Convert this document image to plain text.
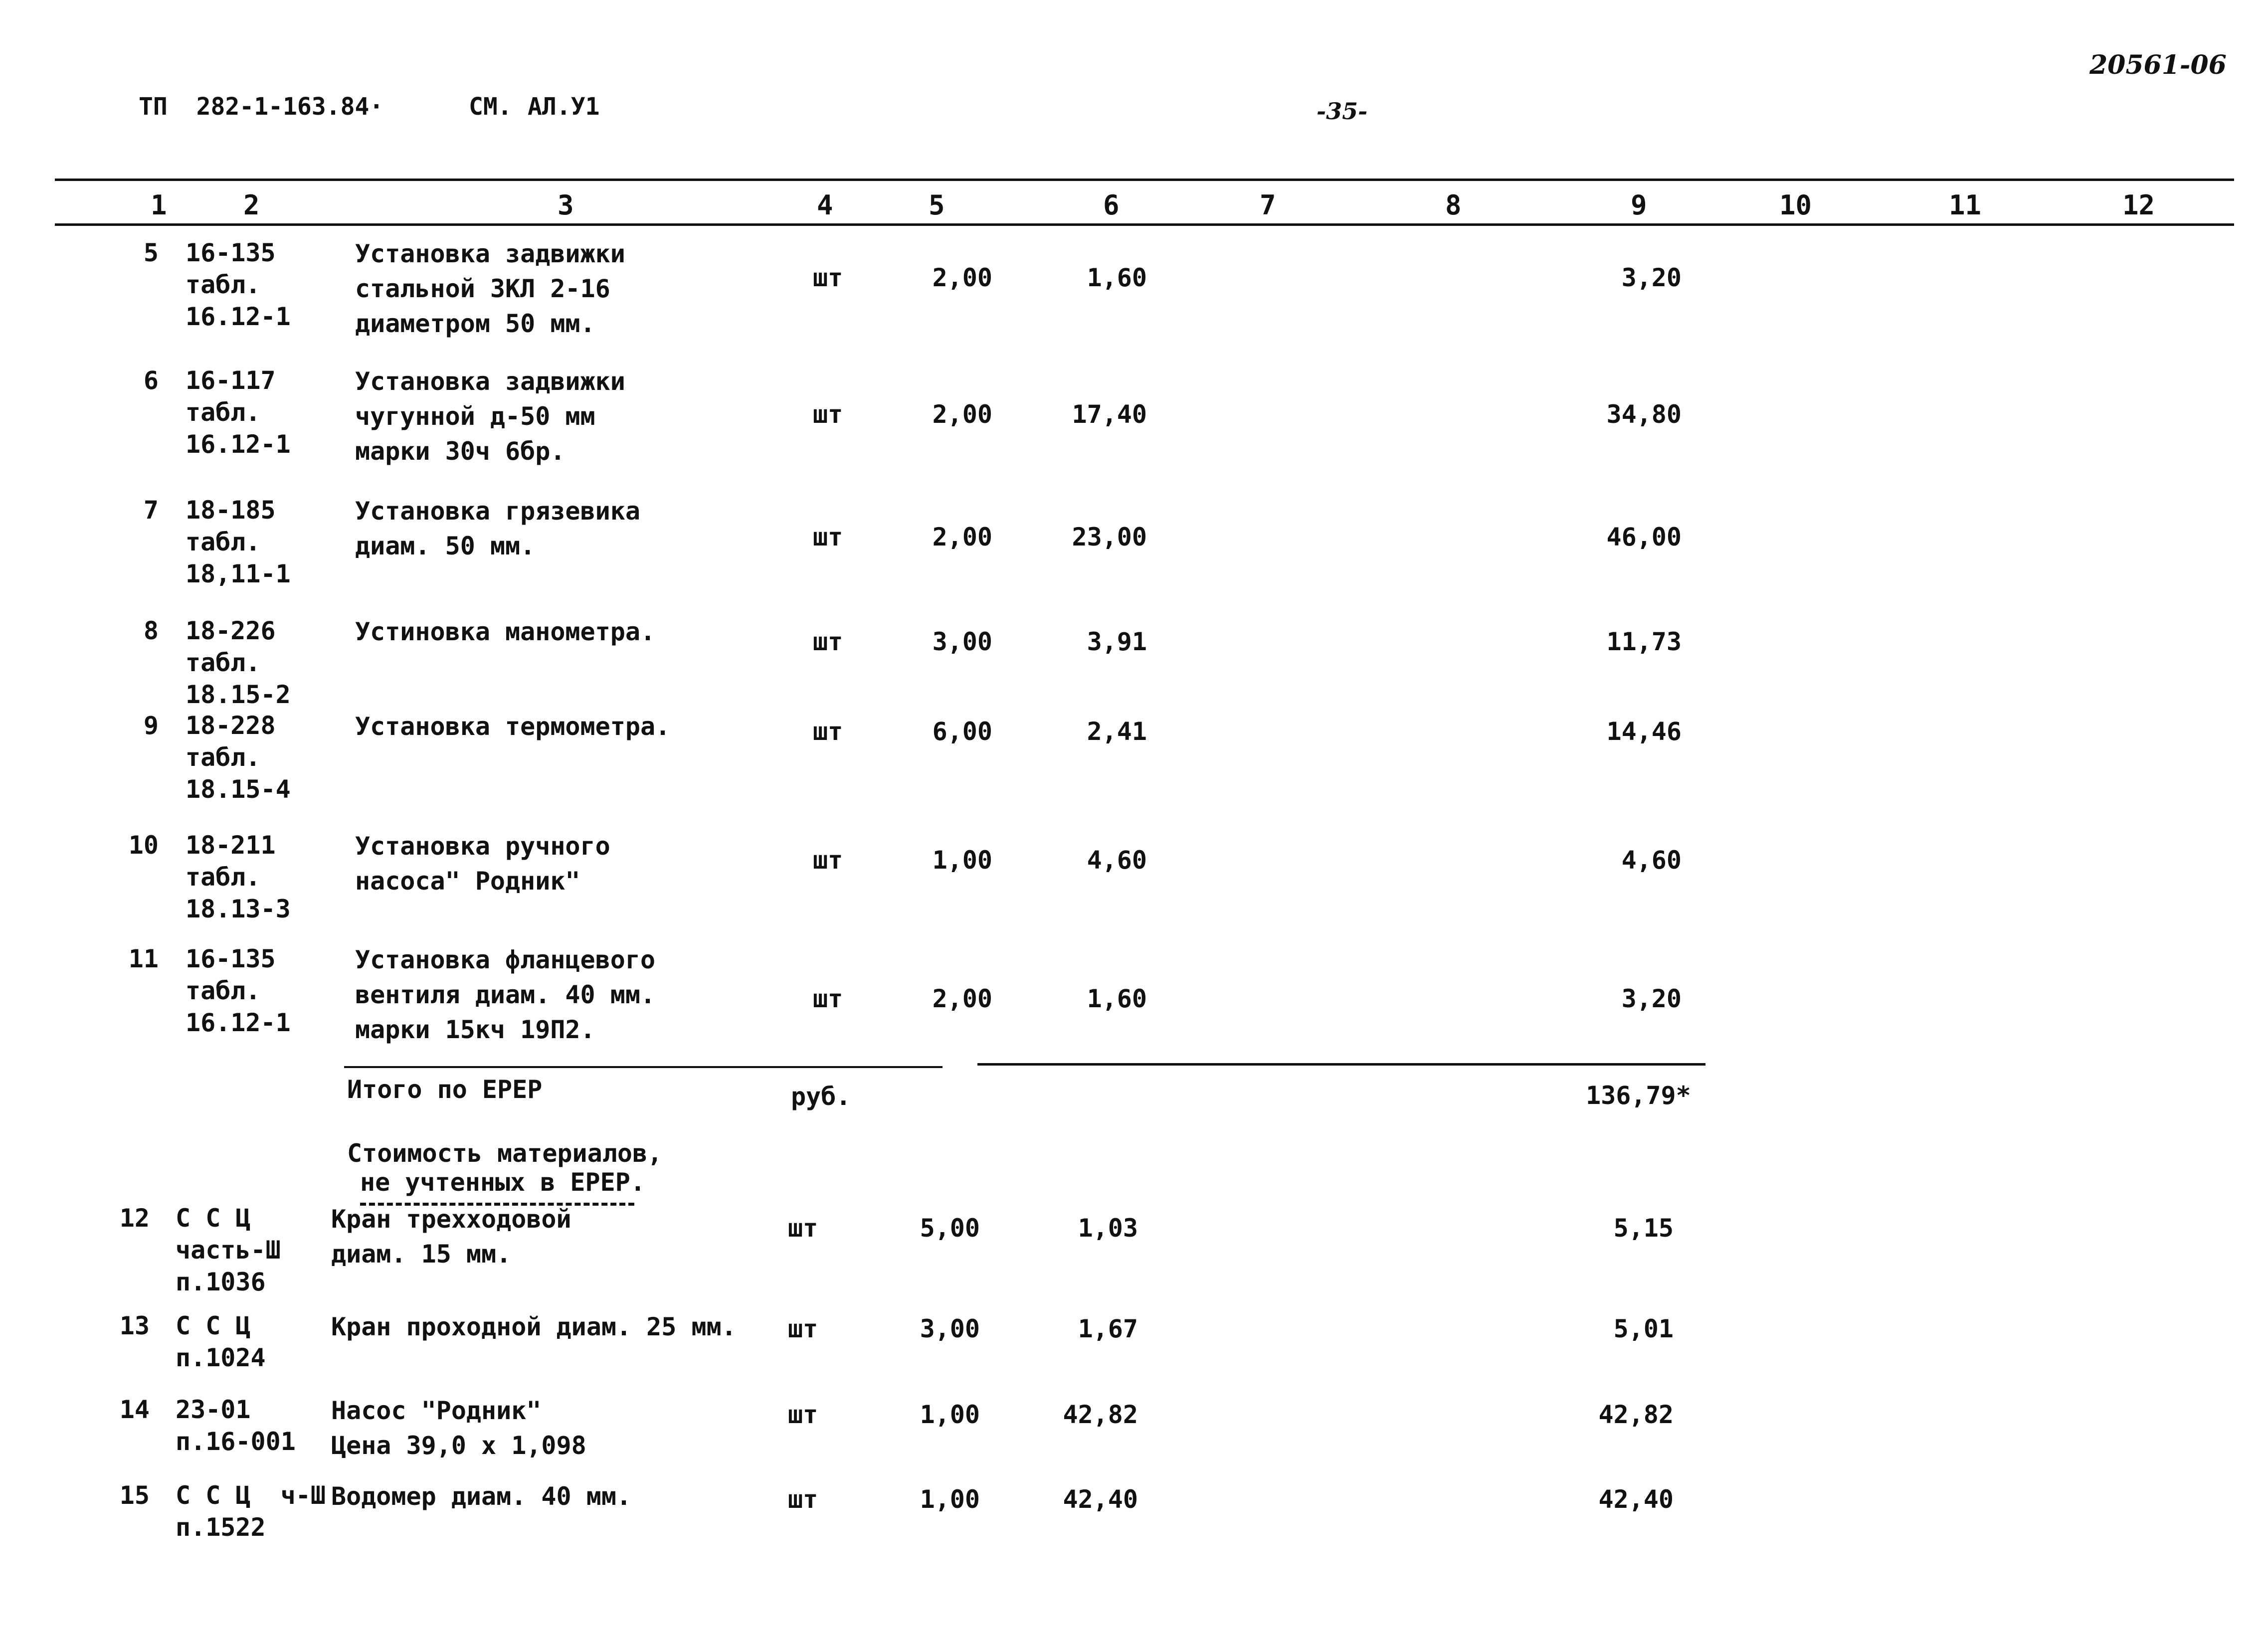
ТП  282-1-163.84·	СМ. АЛ.У1	-35-
20561-06
1	2	3	4	5	6	7	8	9	10	11	12
5 16-135
табл.
16.12-1
Установка задвижки
стальной ЗКЛ 2-16
диаметром 50 мм.
шт	2,00	1,60	3,20
6 16-117
табл.
16.12-1
Установка задвижки
чугунной д-50 мм
марки 30ч 6бр.
шт	2,00	17,40	34,80
7 18-185
табл.
18,11-1
Установка грязевика
диам. 50 мм.	шт	2,00	23,00	46,00
8 18-226
табл.
18.15-2
Устиновка манометра.	шт	3,00	3,91	11,73
9 18-228
табл.
18.15-4
Установка термометра.	шт	6,00	2,41	14,46
10 18-211
табл.
18.13-3
Установка ручного
насоса" Родник"
шт	1,00	4,60	4,60
11 16-135
табл.
16.12-1
Установка фланцевого
вентиля диам. 40 мм.
марки 15кч 19П2.
шт	2,00	1,60	3,20
12 С С Ц
часть-Ш
п.1036
Кран трехходовой
диам. 15 мм.
шт	5,00	1,03	5,15
13 С С Ц
п.1024
Кран проходной диам. 25 мм. шт	3,00	1,67	5,01
14 23-01
п.16-001
Насос "Родник"
Цена 39,0 х 1,098
шт	1,00	42,82	42,82
15 С С Ц  ч-Ш
п.1522
Водомер диам. 40 мм.	шт	1,00	42,40	42,40
Итого по ЕРЕР	руб.	136,79*
Стоимость материалов,
не учтенных в ЕРЕР.
